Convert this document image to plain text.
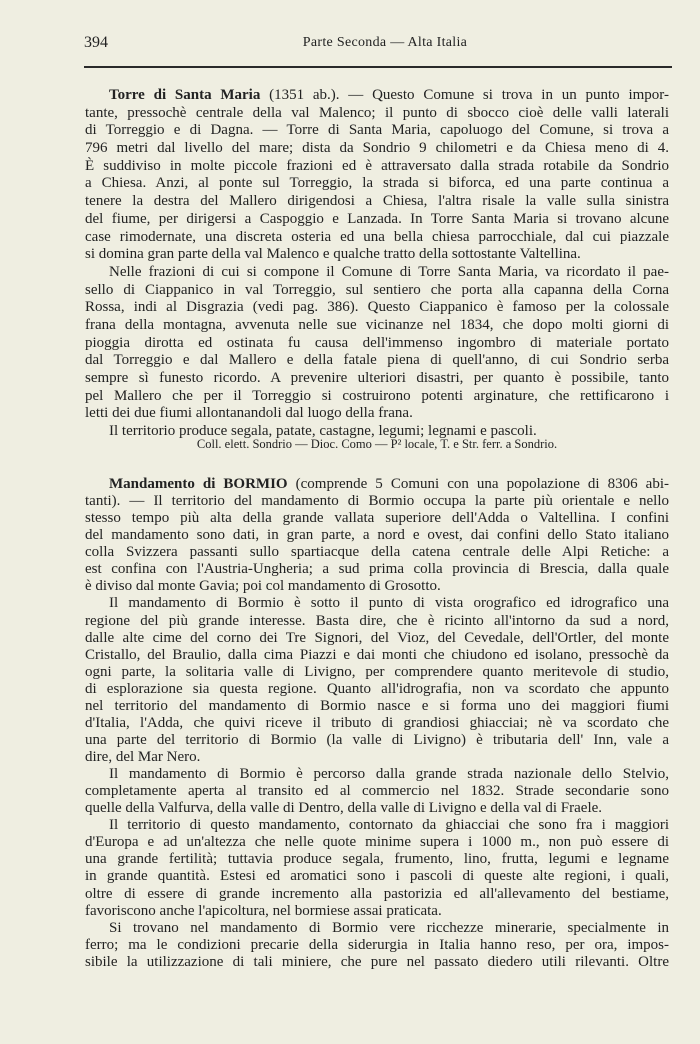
394	Parte Seconda — Alta Italia
Torre di Santa Maria (1351 ab.). — Questo Comune si trova in un punto impor-
tante, pressochè centrale della val Malenco; il punto di sbocco cioè delle valli laterali
di Torreggio e di Dagna. — Torre di Santa Maria, capoluogo del Comune, si trova a
796 metri dal livello del mare; dista da Sondrio 9 chilometri e da Chiesa meno di 4.
È suddiviso in molte piccole frazioni ed è attraversato dalla strada rotabile da Sondrio
a Chiesa. Anzi, al ponte sul Torreggio, la strada si biforca, ed una parte continua a
tenere la destra del Mallero dirigendosi a Chiesa, l'altra risale la valle sulla sinistra
del fiume, per dirigersi a Caspoggio e Lanzada. In Torre Santa Maria si trovano alcune
case rimodernate, una discreta osteria ed una bella chiesa parrocchiale, dal cui piazzale
si domina gran parte della val Malenco e qualche tratto della sottostante Valtellina.
Nelle frazioni di cui si compone il Comune di Torre Santa Maria, va ricordato il pae-
sello di Ciappanico in val Torreggio, sul sentiero che porta alla capanna della Corna
Rossa, indi al Disgrazia (vedi pag. 386). Questo Ciappanico è famoso per la colossale
frana della montagna, avvenuta nelle sue vicinanze nel 1834, che dopo molti giorni di
pioggia dirotta ed ostinata fu causa dell'immenso ingombro di materiale portato
dal Torreggio e dal Mallero e della fatale piena di quell'anno, di cui Sondrio serba
sempre sì funesto ricordo. A prevenire ulteriori disastri, per quanto è possibile, tanto
pel Mallero che per il Torreggio si costruirono potenti arginature, che rettificarono i
letti dei due fiumi allontanandoli dal luogo della frana.
Il territorio produce segala, patate, castagne, legumi; legnami e pascoli.
Coll. elett. Sondrio — Dioc. Como — P² locale, T. e Str. ferr. a Sondrio.
Mandamento di BORMIO (comprende 5 Comuni con una popolazione di 8306 abi-
tanti). — Il territorio del mandamento di Bormio occupa la parte più orientale e nello
stesso tempo più alta della grande vallata superiore dell'Adda o Valtellina. I confini
del mandamento sono dati, in gran parte, a nord e ovest, dai confini dello Stato italiano
colla Svizzera passanti sullo spartiacque della catena centrale delle Alpi Retiche: a
est confina con l'Austria-Ungheria; a sud prima colla provincia di Brescia, dalla quale
è diviso dal monte Gavia; poi col mandamento di Grosotto.
Il mandamento di Bormio è sotto il punto di vista orografico ed idrografico una
regione del più grande interesse. Basta dire, che è ricinto all'intorno da sud a nord,
dalle alte cime del corno dei Tre Signori, del Vioz, del Cevedale, dell'Ortler, del monte
Cristallo, del Braulio, dalla cima Piazzi e dai monti che chiudono ed isolano, pressochè da
ogni parte, la solitaria valle di Livigno, per comprendere quanto meritevole di studio,
di esplorazione sia questa regione. Quanto all'idrografia, non va scordato che appunto
nel territorio del mandamento di Bormio nasce e si forma uno dei maggiori fiumi
d'Italia, l'Adda, che quivi riceve il tributo di grandiosi ghiacciai; nè va scordato che
una parte del territorio di Bormio (la valle di Livigno) è tributaria dell' Inn, vale a
dire, del Mar Nero.
Il mandamento di Bormio è percorso dalla grande strada nazionale dello Stelvio,
completamente aperta al transito ed al commercio nel 1832. Strade secondarie sono
quelle della Valfurva, della valle di Dentro, della valle di Livigno e della val di Fraele.
Il territorio di questo mandamento, contornato da ghiacciai che sono fra i maggiori
d'Europa e ad un'altezza che nelle quote minime supera i 1000 m., non può essere di
una grande fertilità; tuttavia produce segala, frumento, lino, frutta, legumi e legname
in grande quantità. Estesi ed aromatici sono i pascoli di queste alte regioni, i quali,
oltre di essere di grande incremento alla pastorizia ed all'allevamento del bestiame,
favoriscono anche l'apicoltura, nel bormiese assai praticata.
Si trovano nel mandamento di Bormio vere ricchezze minerarie, specialmente in
ferro; ma le condizioni precarie della siderurgia in Italia hanno reso, per ora, impos-
sibile la utilizzazione di tali miniere, che pure nel passato diedero utili rilevanti. Oltre
